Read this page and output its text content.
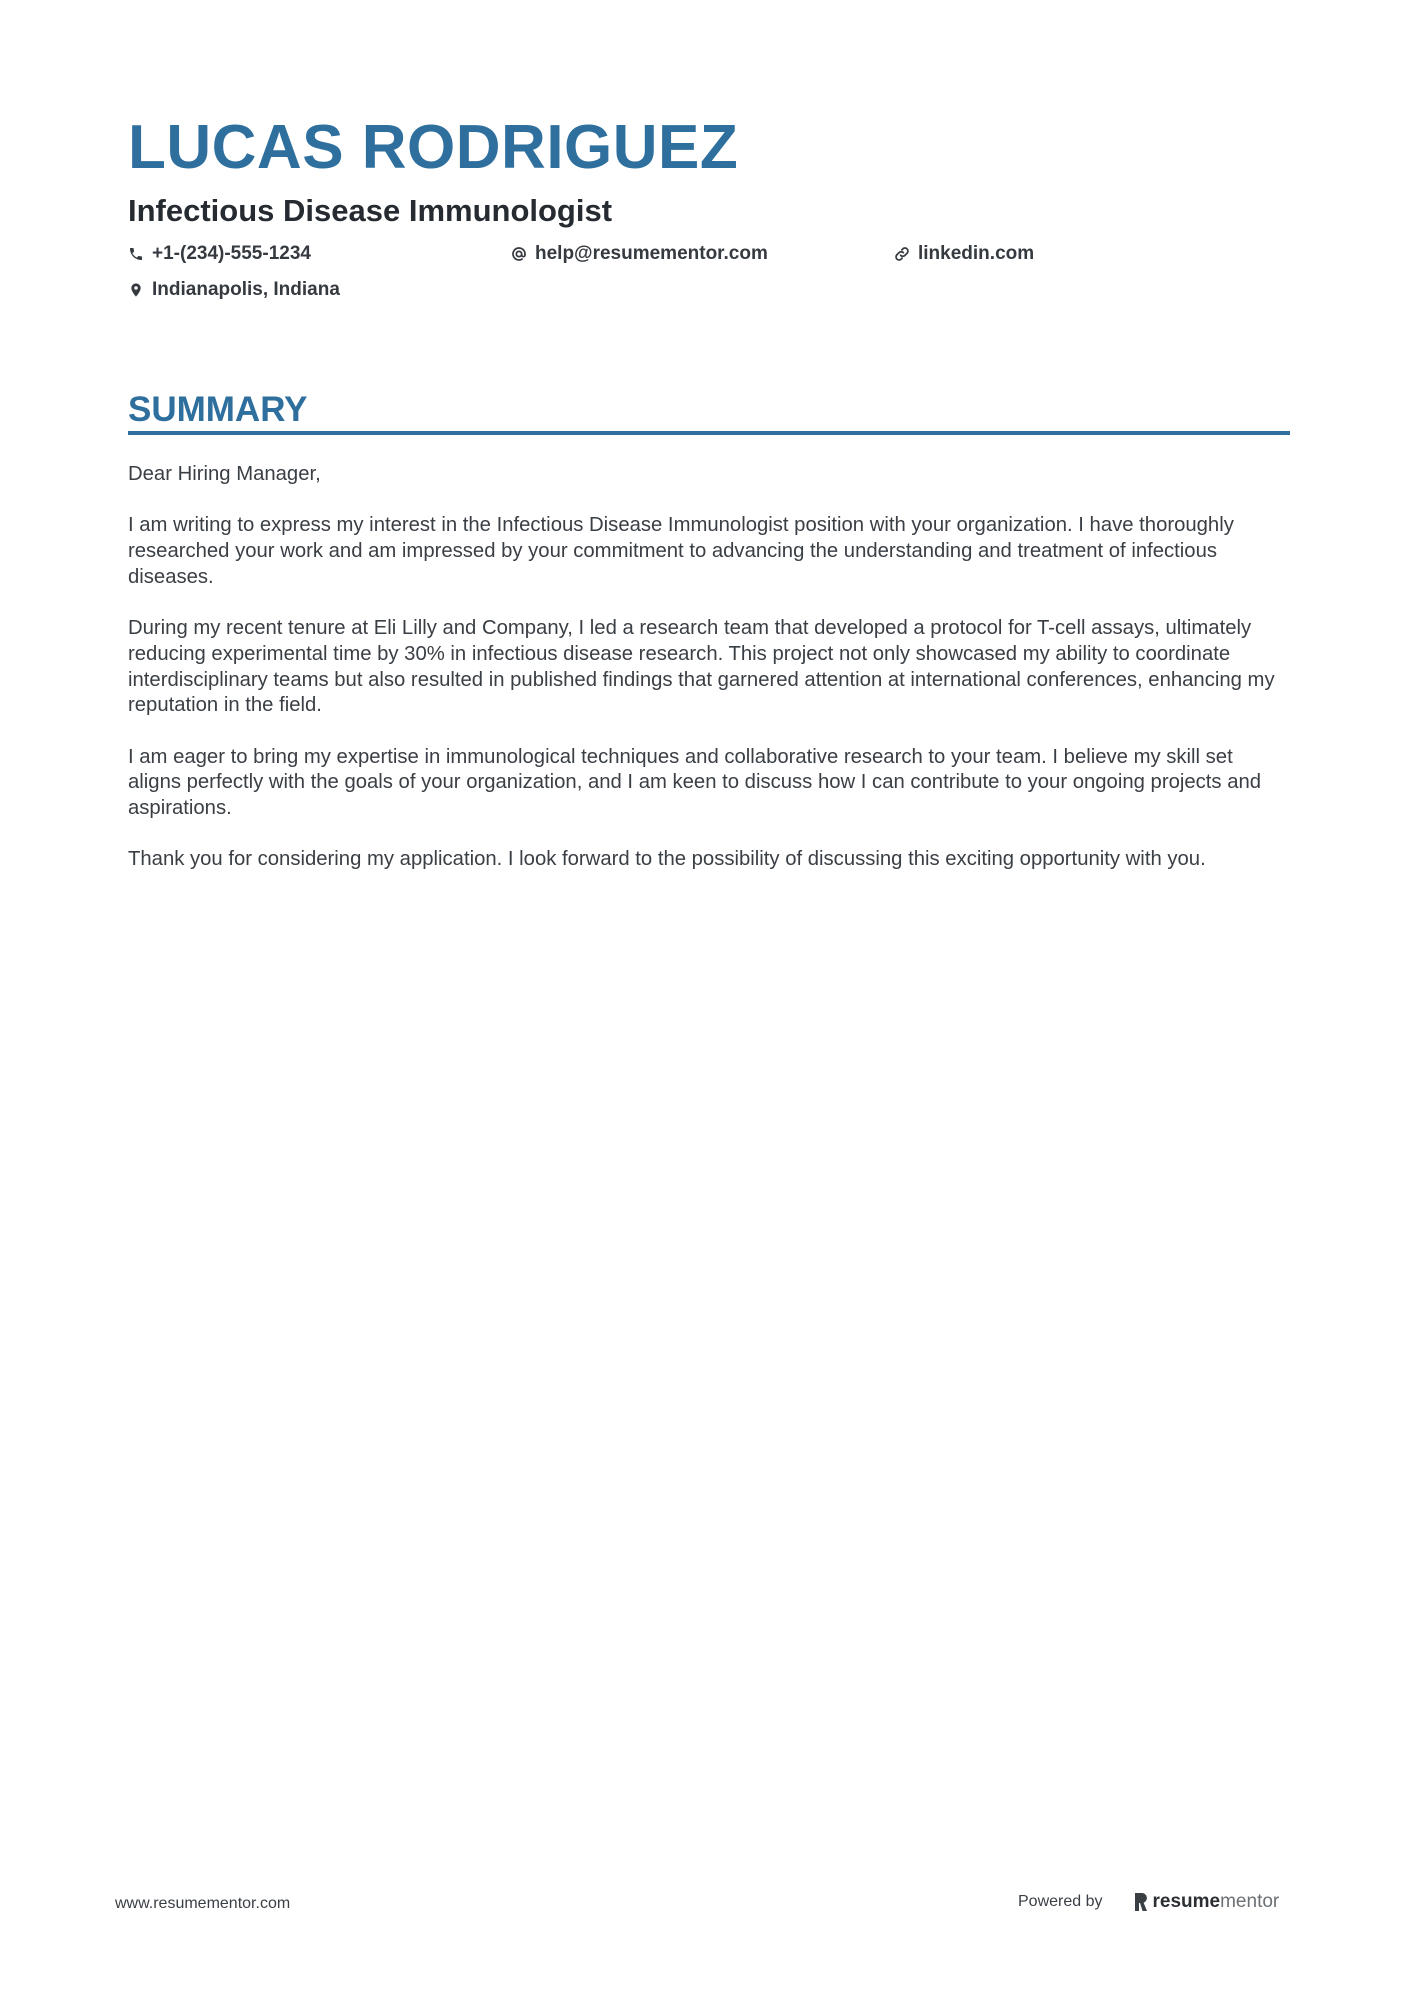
LUCAS RODRIGUEZ
Infectious Disease Immunologist
+1-(234)-555-1234	help@resumementor.com	linkedin.com
Indianapolis, Indiana
SUMMARY

Dear Hiring Manager,

I am writing to express my interest in the Infectious Disease Immunologist position with your organization. I have thoroughly researched your work and am impressed by your commitment to advancing the understanding and treatment of infectious diseases.

During my recent tenure at Eli Lilly and Company, I led a research team that developed a protocol for T-cell assays, ultimately reducing experimental time by 30% in infectious disease research. This project not only showcased my ability to coordinate interdisciplinary teams but also resulted in published findings that garnered attention at international conferences, enhancing my reputation in the field.

I am eager to bring my expertise in immunological techniques and collaborative research to your team. I believe my skill set aligns perfectly with the goals of your organization, and I am keen to discuss how I can contribute to your ongoing projects and aspirations.

Thank you for considering my application. I look forward to the possibility of discussing this exciting opportunity with you.

www.resumementor.com	Powered by	resume mentor
